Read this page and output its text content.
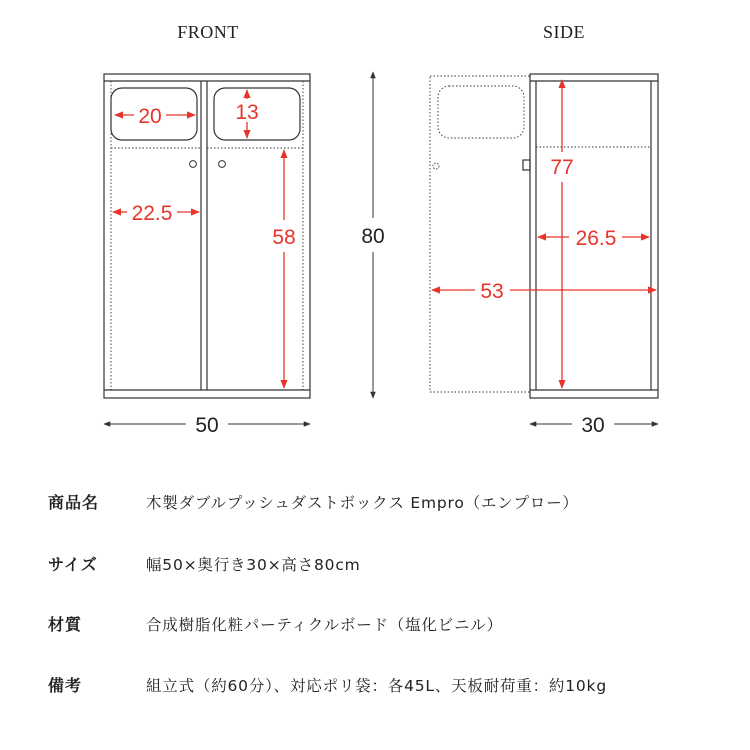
FRONT
20	13
22.5
58
50
80
SIDE
77
26.5
53
30
商品名	木製ダブルプッシュダストボックス Empro（エンプロー）
サイズ	幅50×奥行き30×高さ80cm
材質	合成樹脂化粧パーティクルボード（塩化ビニル）
備考	組立式（約60分）、対応ポリ袋：各45L、天板耐荷重：約10kg
